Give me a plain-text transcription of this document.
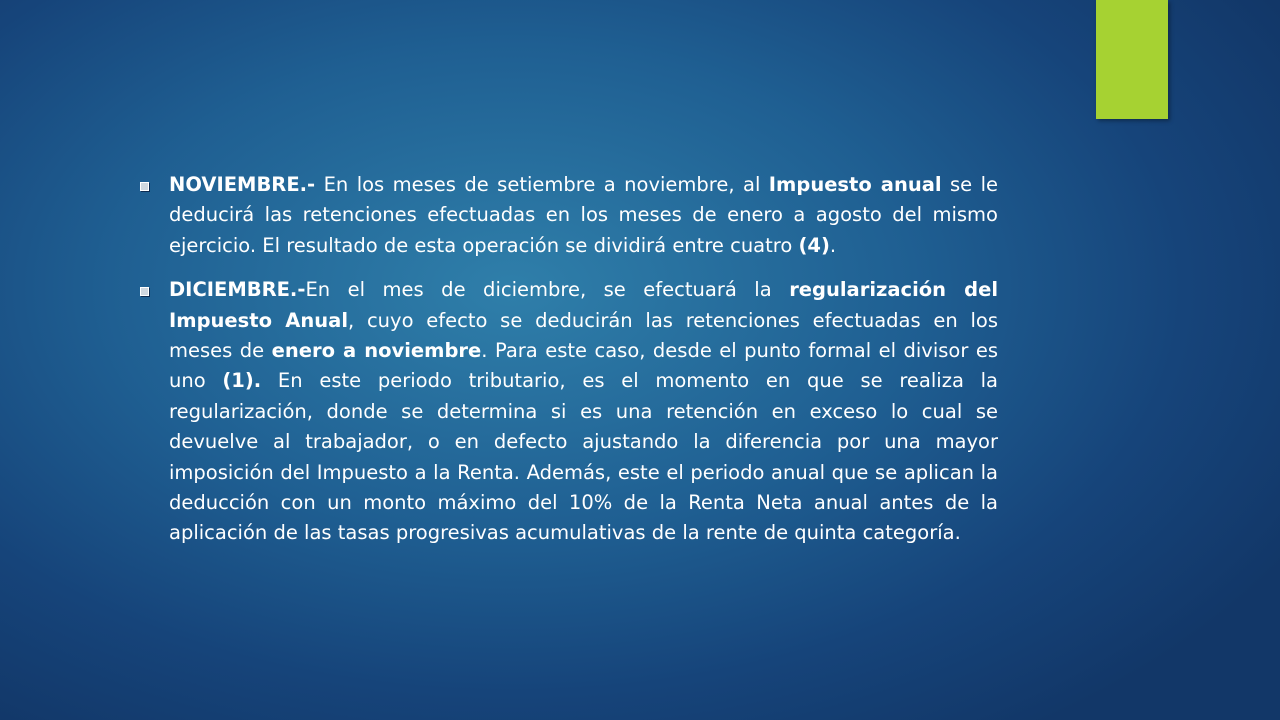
NOVIEMBRE.- En los meses de setiembre a noviembre, al Impuesto anual se le deducirá las retenciones efectuadas en los meses de enero a agosto del mismo ejercicio. El resultado de esta operación se dividirá entre cuatro (4).

DICIEMBRE.-En el mes de diciembre, se efectuará la regularización del Impuesto Anual, cuyo efecto se deducirán las retenciones efectuadas en los meses de enero a noviembre. Para este caso, desde el punto formal el divisor es uno (1). En este periodo tributario, es el momento en que se realiza la regularización, donde se determina si es una retención en exceso lo cual se devuelve al trabajador, o en defecto ajustando la diferencia por una mayor imposición del Impuesto a la Renta. Además, este el periodo anual que se aplican la deducción con un monto máximo del 10% de la Renta Neta anual antes de la aplicación de las tasas progresivas acumulativas de la rente de quinta categoría.
